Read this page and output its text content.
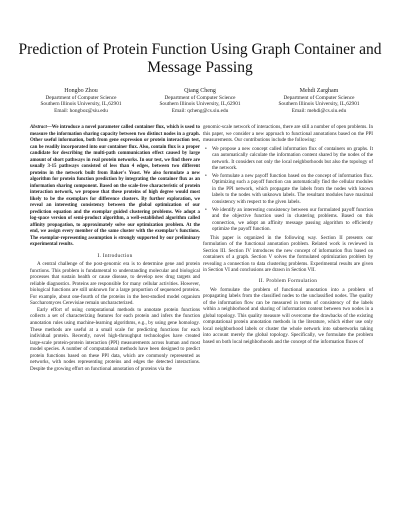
Prediction of Protein Function Using Graph Container and Message Passing
Hongbo Zhou
Department of Computer Science
Southern Illinois University, IL,62901
Email: hongboz@siu.edu
Qiang Cheng
Department of Computer Science
Southern Illinois University, IL,62901
Email: qcheng@cs.siu.edu
Mehdi Zargham
Department of Computer Science
Southern Illinois University, IL,62901
Email: mehdi@cs.siu.edu

Abstract—We introduce a novel parameter called container flux, which is used to measure the information sharing capacity between two distinct nodes in a graph. Other useful information, both from gene expression or protein interaction test, can be readily incorporated into our container flux. Also, contain flux is a proper candidate for describing the multi-path communication effect caused by large amount of short pathways in real protein networks. In our test, we find there are usually 3-15 pathways consisted of less than 4 edges, between two different proteins in the network built from Baker's Yeast. We also formulate a new algorithm for protein function prediction by integrating the container flux as an information sharing component. Based on the scale-free characteristic of protein interaction network, we propose that these proteins of high degree would most likely to be the exemplars for difference clusters. By further exploration, we reveal an interesting consistency between the global optimization of our prediction equation and the exemplar guided clustering problems. We adopt a log-space version of semi-product algorithm, a well-established algorithm called affinity propagation, to approximately solve our optimization problem. At the end, we assign every member of the same cluster with the exemplar's functions. The exemplar-representing assumption is strongly supported by our preliminary experimental results.

I. Introduction

A central challenge of the post-genomic era is to determine gene and protein functions. This problem is fundamental to understanding molecular and biological processes that sustain health or cause disease, to develop new drug targets and reliable diagnostics. Proteins are responsible for many cellular activities. However, biological functions are still unknown for a large proportion of sequenced proteins. For example, about one-fourth of the proteins in the best-studied model organism Saccharomyces Cerevisiae remain uncharacterized.

Early effort of using computational methods to annotate protein functions collects a set of characterizing features for each protein and infers the function annotation rules using machine-learning algorithms, e.g., by using gene homology. These methods are useful at a small scale for predicting functions for each individual protein. Recently, novel high-throughput technologies have created large-scale protein-protein interaction (PPI) measurements across human and most model species. A number of computational methods have been designed to predict protein functions based on these PPI data, which are commonly represented as networks, with nodes representing proteins and edges the detected interactions. Despite the growing effort on functional annotation of proteins via the

genomic-scale network of interactions, there are still a number of open problems. In this paper, we consider a new approach to functional annotations based on the PPI measurements. Our contributions include the following:

• We propose a new concept called information flux of containers on graphs. It can automatically calculate the information content shared by the nodes of the network. It considers not only the local neighborhoods but also the topology of the network.
• We formulate a new payoff function based on the concept of information flux. Optimizing such a payoff function can automatically find the cellular modules in the PPI network, which propagate the labels from the nodes with known labels to the nodes with unknown labels. The resultant modules have maximal consistency with respect to the given labels.
• We identify an interesting consistency between our formulated payoff function and the objective function used in clustering problems. Based on this connection, we adopt an affinity message passing algorithm to efficiently optimize the payoff function.

This paper is organized in the following way. Section II presents our formulation of the functional annotation problem. Related work is reviewed in Section III. Section IV introduces the new concept of information flux based on containers of a graph. Section V solves the formulated optimization problem by revealing a connection to data clustering problems. Experimental results are given in Section VI and conclusions are drawn in Section VII.

II. Problem Formulation

We formulate the problem of functional annotation into a problem of propagating labels from the classified nodes to the unclassified nodes. The quality of the information flow can be measured in terms of consistency of the labels within a neighborhood and sharing of information content between two nodes in a global topology. This quality measure will overcome the drawbacks of the existing computational protein annotation methods in the literature, which either use only local neighborhood labels or cluster the whole network into subnetworks taking into account merely the global topology. Specifically, we formulate the problem based on both local neighborhoods and the concept of the information fluxes of
